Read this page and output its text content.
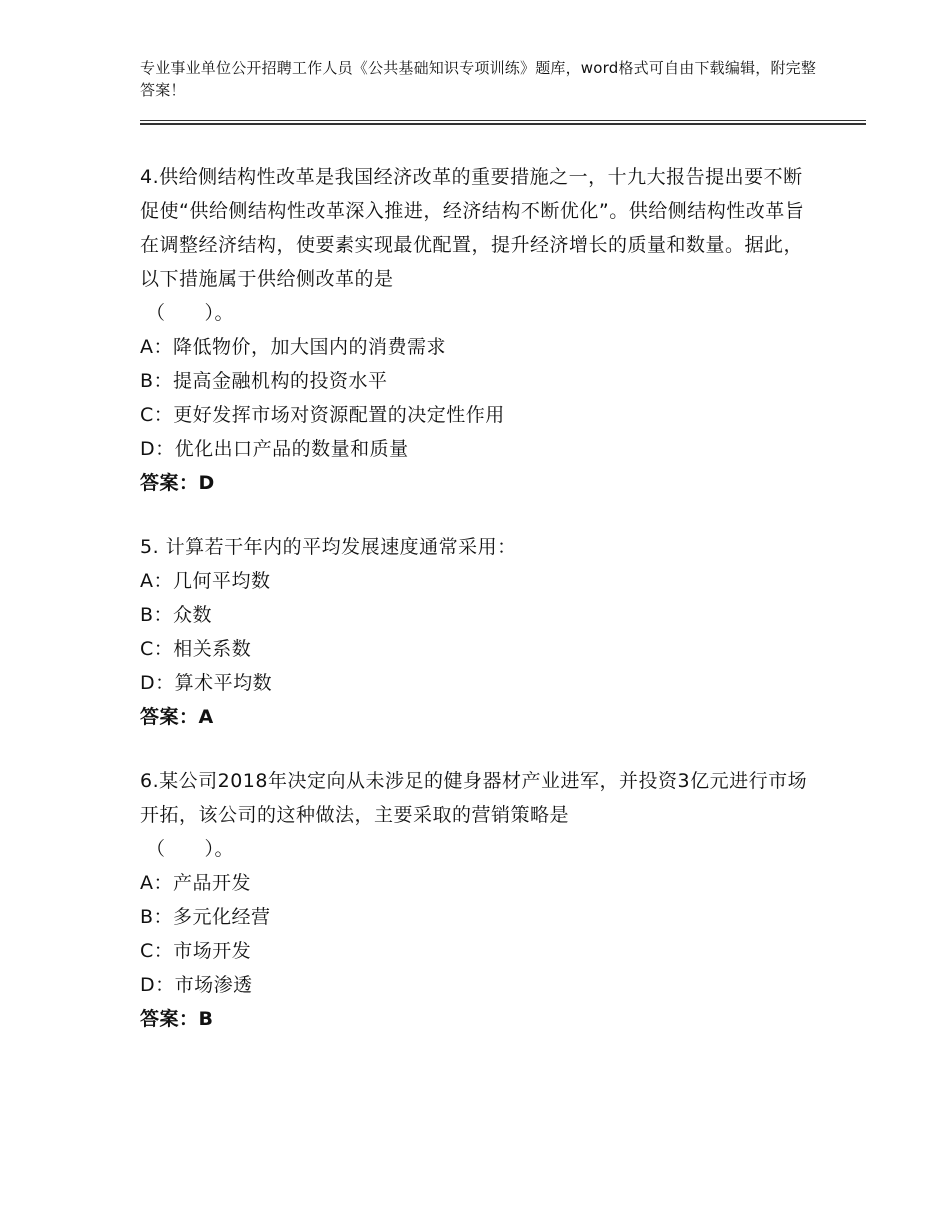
专业事业单位公开招聘工作人员《公共基础知识专项训练》题库，word格式可自由下载编辑，附完整答案！
4.供给侧结构性改革是我国经济改革的重要措施之一，十九大报告提出要不断促使“供给侧结构性改革深入推进，经济结构不断优化”。供给侧结构性改革旨在调整经济结构，使要素实现最优配置，提升经济增长的质量和数量。据此，以下措施属于供给侧改革的是
（　　）。
A：降低物价，加大国内的消费需求
B：提高金融机构的投资水平
C：更好发挥市场对资源配置的决定性作用
D：优化出口产品的数量和质量
答案：D
5. 计算若干年内的平均发展速度通常采用：
A：几何平均数
B：众数
C：相关系数
D：算术平均数
答案：A
6.某公司2018年决定向从未涉足的健身器材产业进军，并投资3亿元进行市场开拓，该公司的这种做法，主要采取的营销策略是
（　　）。
A：产品开发
B：多元化经营
C：市场开发
D：市场渗透
答案：B
